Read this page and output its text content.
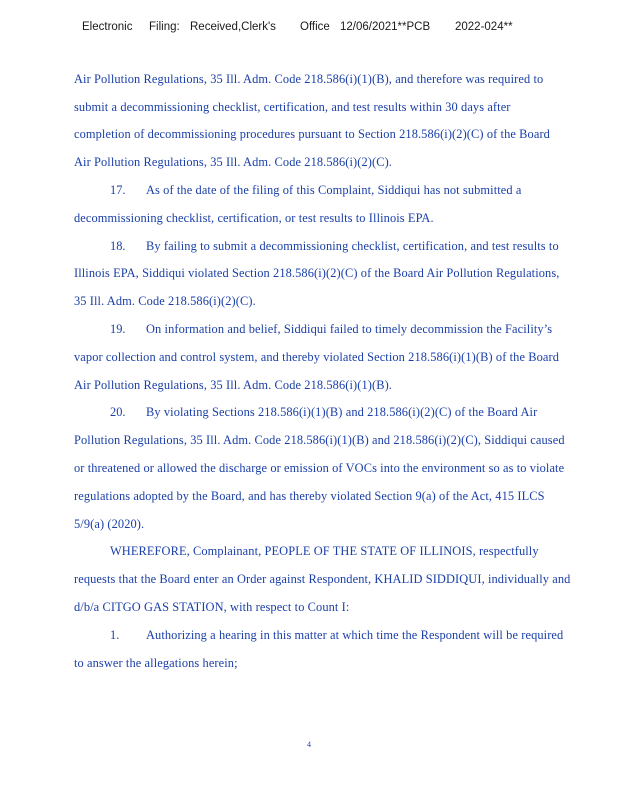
Electronic Filing: Received,Clerk's Office 12/06/2021**PCB 2022-024**
Air Pollution Regulations, 35 Ill. Adm. Code 218.586(i)(1)(B), and therefore was required to
submit a decommissioning checklist, certification, and test results within 30 days after
completion of decommissioning procedures pursuant to Section 218.586(i)(2)(C) of the Board
Air Pollution Regulations, 35 Ill. Adm. Code 218.586(i)(2)(C).
17. As of the date of the filing of this Complaint, Siddiqui has not submitted a
decommissioning checklist, certification, or test results to Illinois EPA.
18. By failing to submit a decommissioning checklist, certification, and test results to
Illinois EPA, Siddiqui violated Section 218.586(i)(2)(C) of the Board Air Pollution Regulations,
35 Ill. Adm. Code 218.586(i)(2)(C).
19. On information and belief, Siddiqui failed to timely decommission the Facility’s
vapor collection and control system, and thereby violated Section 218.586(i)(1)(B) of the Board
Air Pollution Regulations, 35 Ill. Adm. Code 218.586(i)(1)(B).
20. By violating Sections 218.586(i)(1)(B) and 218.586(i)(2)(C) of the Board Air
Pollution Regulations, 35 Ill. Adm. Code 218.586(i)(1)(B) and 218.586(i)(2)(C), Siddiqui caused
or threatened or allowed the discharge or emission of VOCs into the environment so as to violate
regulations adopted by the Board, and has thereby violated Section 9(a) of the Act, 415 ILCS
5/9(a) (2020).
WHEREFORE, Complainant, PEOPLE OF THE STATE OF ILLINOIS, respectfully
requests that the Board enter an Order against Respondent, KHALID SIDDIQUI, individually and
d/b/a CITGO GAS STATION, with respect to Count I:
1. Authorizing a hearing in this matter at which time the Respondent will be required
to answer the allegations herein;
4
